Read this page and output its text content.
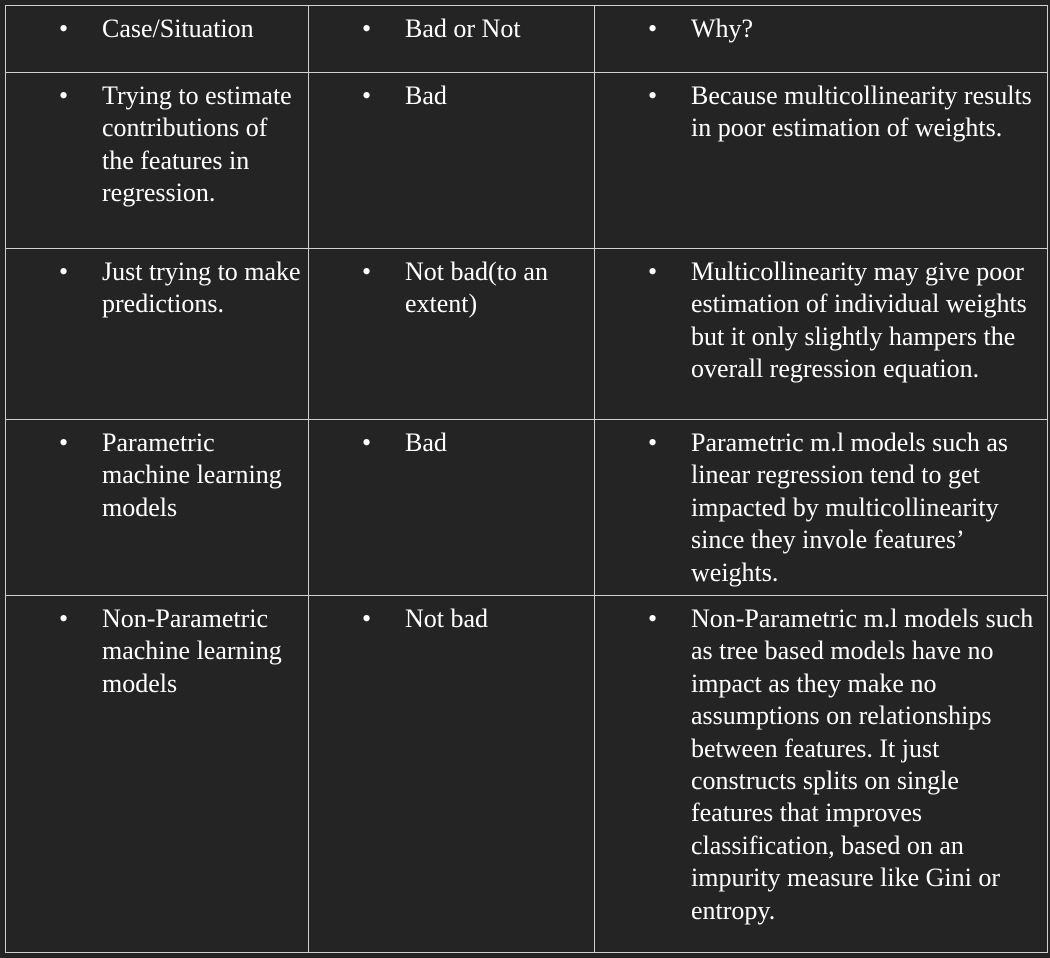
• Case/Situation	• Bad or Not	• Why?

• Trying to estimate contributions of the features in regression.	• Bad	• Because multicollinearity results in poor estimation of weights.

• Just trying to make predictions.	• Not bad(to an extent)	• Multicollinearity may give poor estimation of individual weights but it only slightly hampers the overall regression equation.

• Parametric machine learning models	• Bad	• Parametric m.l models such as linear regression tend to get impacted by multicollinearity since they invole features’ weights.

• Non-Parametric machine learning models	• Not bad	• Non-Parametric m.l models such as tree based models have no impact as they make no assumptions on relationships between features. It just constructs splits on single features that improves classification, based on an impurity measure like Gini or entropy.
